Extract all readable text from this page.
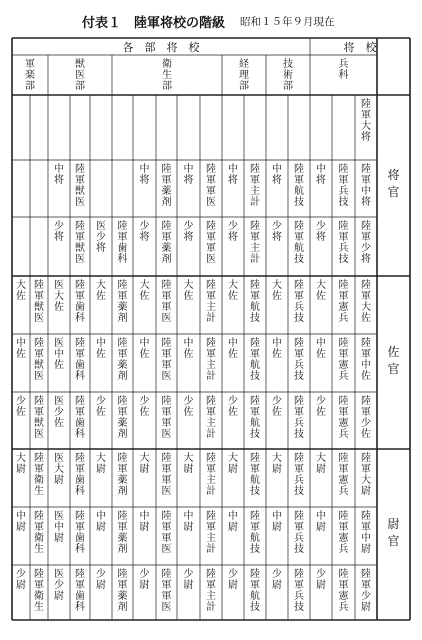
付表１　陸軍将校の階級 昭和１５年９月現在
各　部　将　校	将　校
兵
科
軍
楽
部
獣
医
部
衛
生
部
経
理
部
技
術
部
将
官
佐
官
尉
官
陸
軍
大
将
中
将
陸
軍
獣
医
中
将
陸
軍
薬
剤
中
将
陸
軍
軍
医
中
将
陸
軍
主
計
中
将
陸
軍
航
技
中
将
陸
軍
兵
技
陸
軍
中
将
少
将
陸
軍
獣
医
医
少
将
陸
軍
歯
科
少
将
陸
軍
薬
剤
少
将
陸
軍
軍
医
少
将
陸
軍
主
計
少
将
陸
軍
航
技
少
将
陸
軍
兵
技
陸
軍
少
将
大
佐
陸
軍
獣
医
医
大
佐
陸
軍
歯
科
大
佐
陸
軍
薬
剤
大
佐
陸
軍
軍
医
大
佐
陸
軍
主
計
大
佐
陸
軍
航
技
大
佐
陸
軍
兵
技
大
佐
陸
軍
憲
兵
陸
軍
大
佐
中
佐
陸
軍
獣
医
医
中
佐
陸
軍
歯
科
中
佐
陸
軍
薬
剤
中
佐
陸
軍
軍
医
中
佐
陸
軍
主
計
中
佐
陸
軍
航
技
中
佐
陸
軍
兵
技
中
佐
陸
軍
憲
兵
陸
軍
中
佐
少
佐
陸
軍
獣
医
医
少
佐
陸
軍
歯
科
少
佐
陸
軍
薬
剤
少
佐
陸
軍
軍
医
少
佐
陸
軍
主
計
少
佐
陸
軍
航
技
少
佐
陸
軍
兵
技
少
佐
陸
軍
憲
兵
陸
軍
少
佐
大
尉
陸
軍
衛
生
医
大
尉
陸
軍
歯
科
大
尉
陸
軍
薬
剤
大
尉
陸
軍
軍
医
大
尉
陸
軍
主
計
大
尉
陸
軍
航
技
大
尉
陸
軍
兵
技
大
尉
陸
軍
憲
兵
陸
軍
大
尉
中
尉
陸
軍
衛
生
医
中
尉
陸
軍
歯
科
中
尉
陸
軍
薬
剤
中
尉
陸
軍
軍
医
中
尉
陸
軍
主
計
中
尉
陸
軍
航
技
中
尉
陸
軍
兵
技
中
尉
陸
軍
憲
兵
陸
軍
中
尉
少
尉
陸
軍
衛
生
医
少
尉
陸
軍
歯
科
少
尉
陸
軍
薬
剤
少
尉
陸
軍
軍
医
少
尉
陸
軍
主
計
少
尉
陸
軍
航
技
少
尉
陸
軍
兵
技
少
尉
陸
軍
憲
兵
陸
軍
少
尉
